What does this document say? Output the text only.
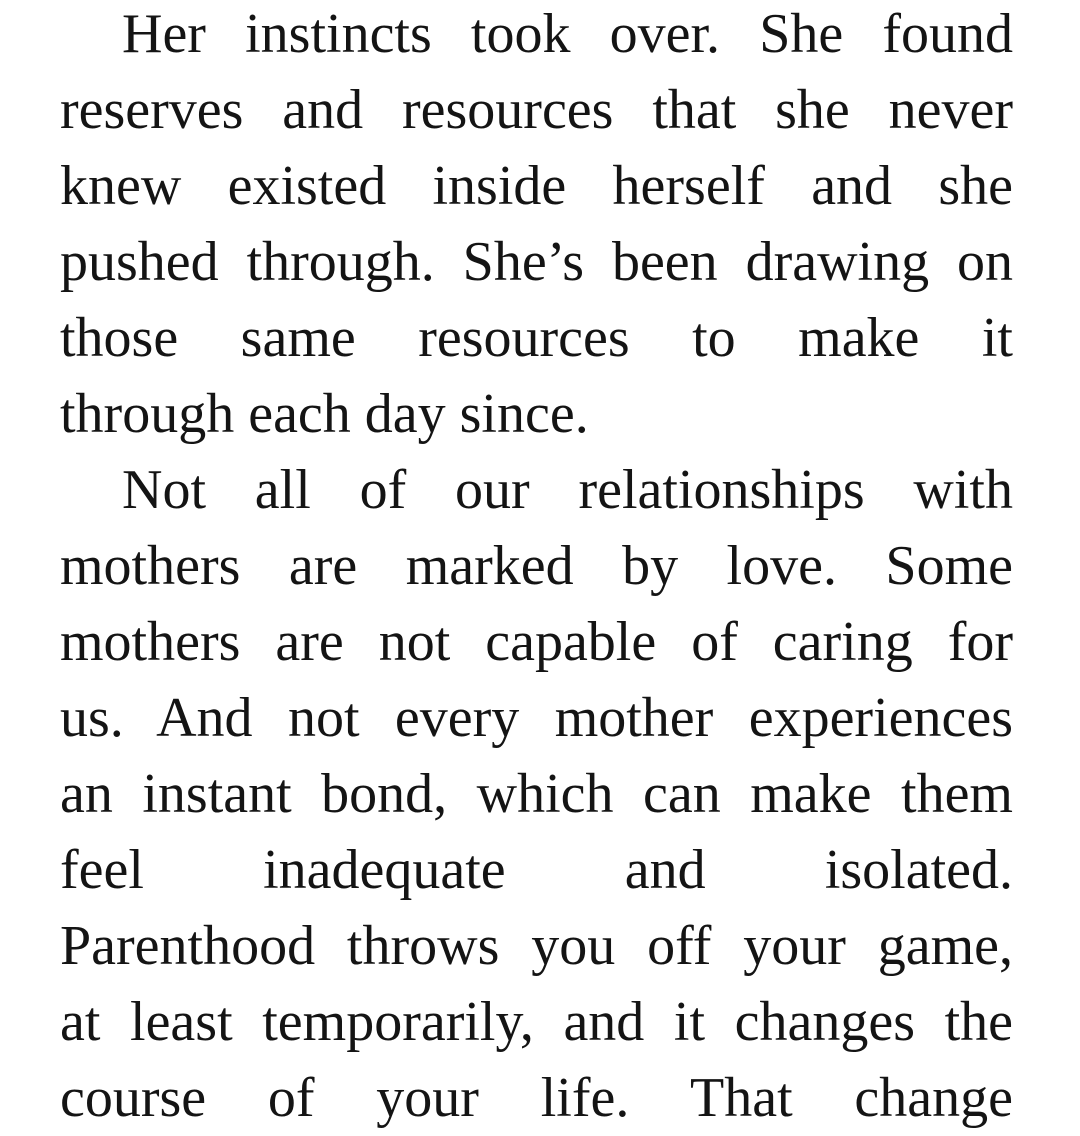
Her instincts took over. She found
reserves and resources that she never
knew existed inside herself and she
pushed through. She’s been drawing on
those same resources to make it
through each day since.
Not all of our relationships with
mothers are marked by love. Some
mothers are not capable of caring for
us. And not every mother experiences
an instant bond, which can make them
feel inadequate and isolated.
Parenthood throws you off your game,
at least temporarily, and it changes the
course of your life. That change
